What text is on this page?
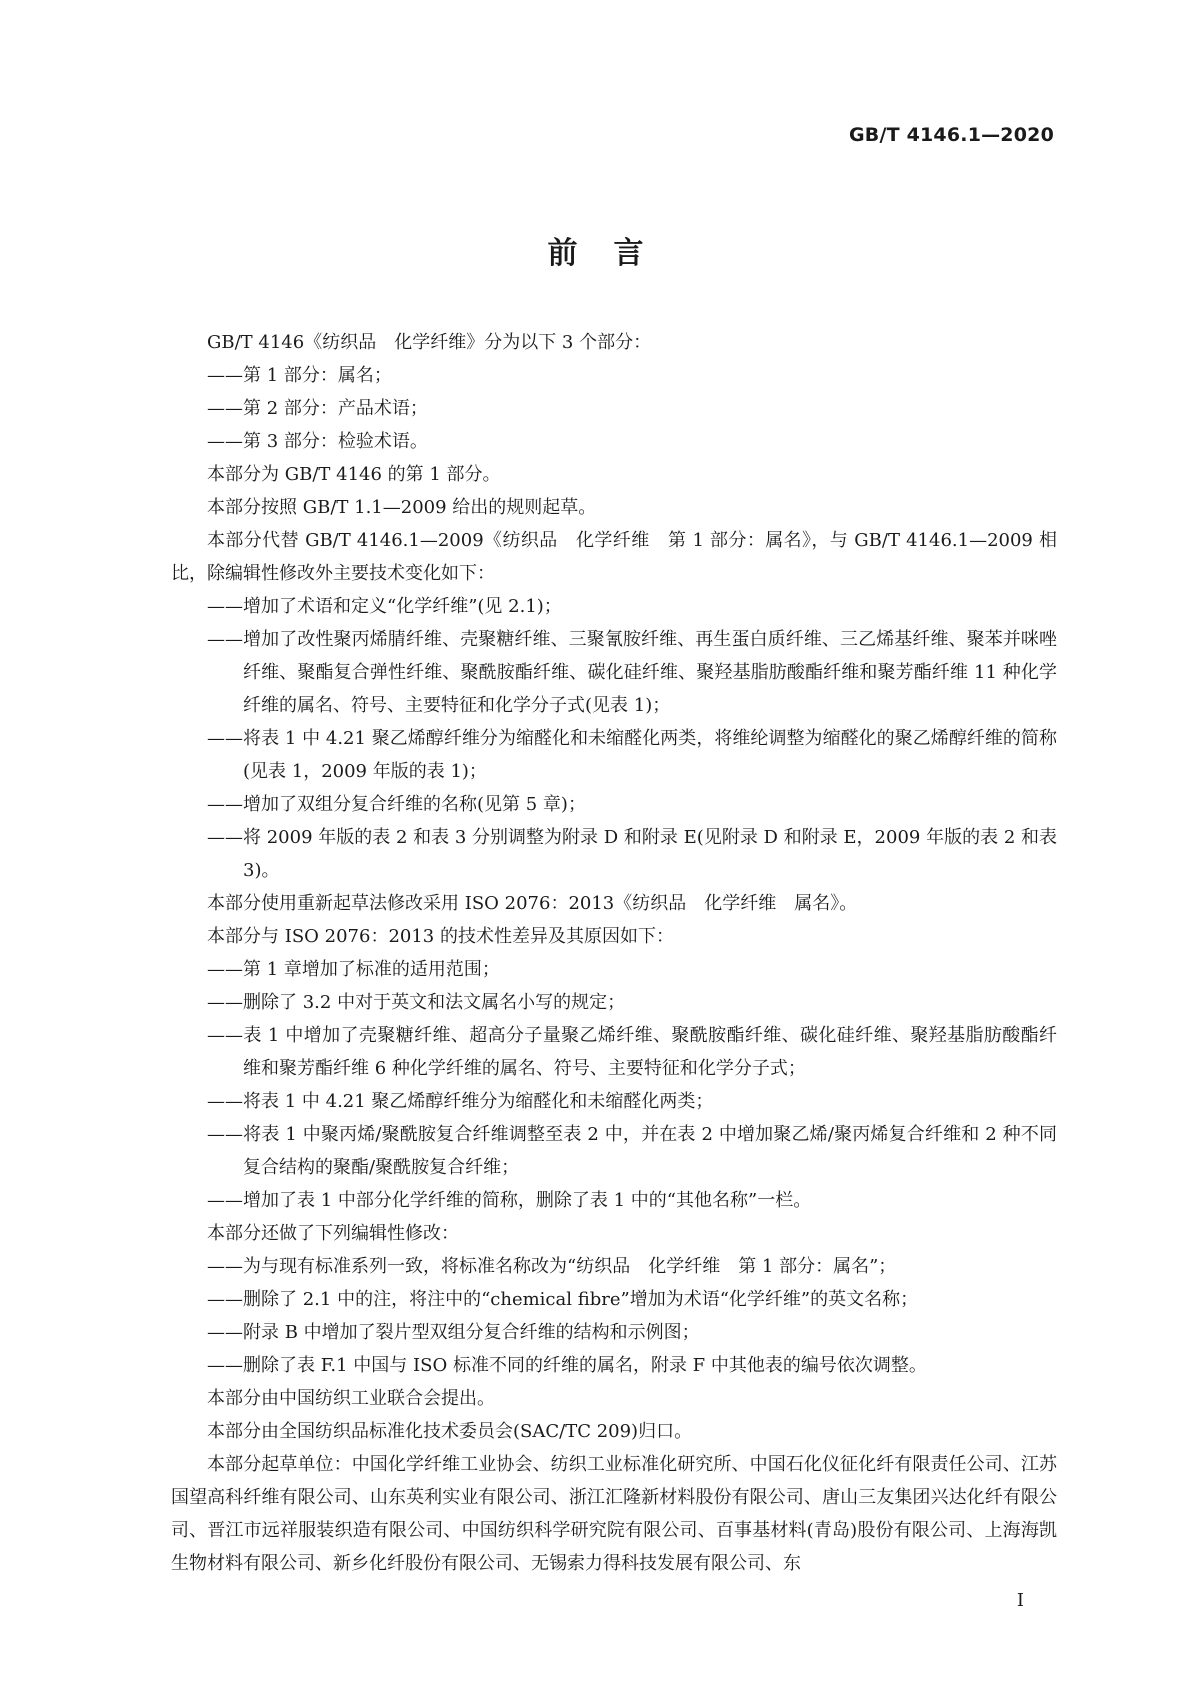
GB/T 4146.1—2020
前言
GB/T 4146《纺织品　化学纤维》分为以下 3 个部分：
——第 1 部分：属名；
——第 2 部分：产品术语；
——第 3 部分：检验术语。
本部分为 GB/T 4146 的第 1 部分。
本部分按照 GB/T 1.1—2009 给出的规则起草。
本部分代替 GB/T 4146.1—2009《纺织品　化学纤维　第 1 部分：属名》，与 GB/T 4146.1—2009 相比，除编辑性修改外主要技术变化如下：
——增加了术语和定义“化学纤维”(见 2.1)；
——增加了改性聚丙烯腈纤维、壳聚糖纤维、三聚氰胺纤维、再生蛋白质纤维、三乙烯基纤维、聚苯并咪唑纤维、聚酯复合弹性纤维、聚酰胺酯纤维、碳化硅纤维、聚羟基脂肪酸酯纤维和聚芳酯纤维 11 种化学纤维的属名、符号、主要特征和化学分子式(见表 1)；
——将表 1 中 4.21 聚乙烯醇纤维分为缩醛化和未缩醛化两类，将维纶调整为缩醛化的聚乙烯醇纤维的简称(见表 1，2009 年版的表 1)；
——增加了双组分复合纤维的名称(见第 5 章)；
——将 2009 年版的表 2 和表 3 分别调整为附录 D 和附录 E(见附录 D 和附录 E，2009 年版的表 2 和表 3)。
本部分使用重新起草法修改采用 ISO 2076：2013《纺织品　化学纤维　属名》。
本部分与 ISO 2076：2013 的技术性差异及其原因如下：
——第 1 章增加了标准的适用范围；
——删除了 3.2 中对于英文和法文属名小写的规定；
——表 1 中增加了壳聚糖纤维、超高分子量聚乙烯纤维、聚酰胺酯纤维、碳化硅纤维、聚羟基脂肪酸酯纤维和聚芳酯纤维 6 种化学纤维的属名、符号、主要特征和化学分子式；
——将表 1 中 4.21 聚乙烯醇纤维分为缩醛化和未缩醛化两类；
——将表 1 中聚丙烯/聚酰胺复合纤维调整至表 2 中，并在表 2 中增加聚乙烯/聚丙烯复合纤维和 2 种不同复合结构的聚酯/聚酰胺复合纤维；
——增加了表 1 中部分化学纤维的简称，删除了表 1 中的“其他名称”一栏。
本部分还做了下列编辑性修改：
——为与现有标准系列一致，将标准名称改为“纺织品　化学纤维　第 1 部分：属名”；
——删除了 2.1 中的注，将注中的“chemical fibre”增加为术语“化学纤维”的英文名称；
——附录 B 中增加了裂片型双组分复合纤维的结构和示例图；
——删除了表 F.1 中国与 ISO 标准不同的纤维的属名，附录 F 中其他表的编号依次调整。
本部分由中国纺织工业联合会提出。
本部分由全国纺织品标准化技术委员会(SAC/TC 209)归口。
本部分起草单位：中国化学纤维工业协会、纺织工业标准化研究所、中国石化仪征化纤有限责任公司、江苏国望高科纤维有限公司、山东英利实业有限公司、浙江汇隆新材料股份有限公司、唐山三友集团兴达化纤有限公司、晋江市远祥服装织造有限公司、中国纺织科学研究院有限公司、百事基材料(青岛)股份有限公司、上海海凯生物材料有限公司、新乡化纤股份有限公司、无锡索力得科技发展有限公司、东
I
